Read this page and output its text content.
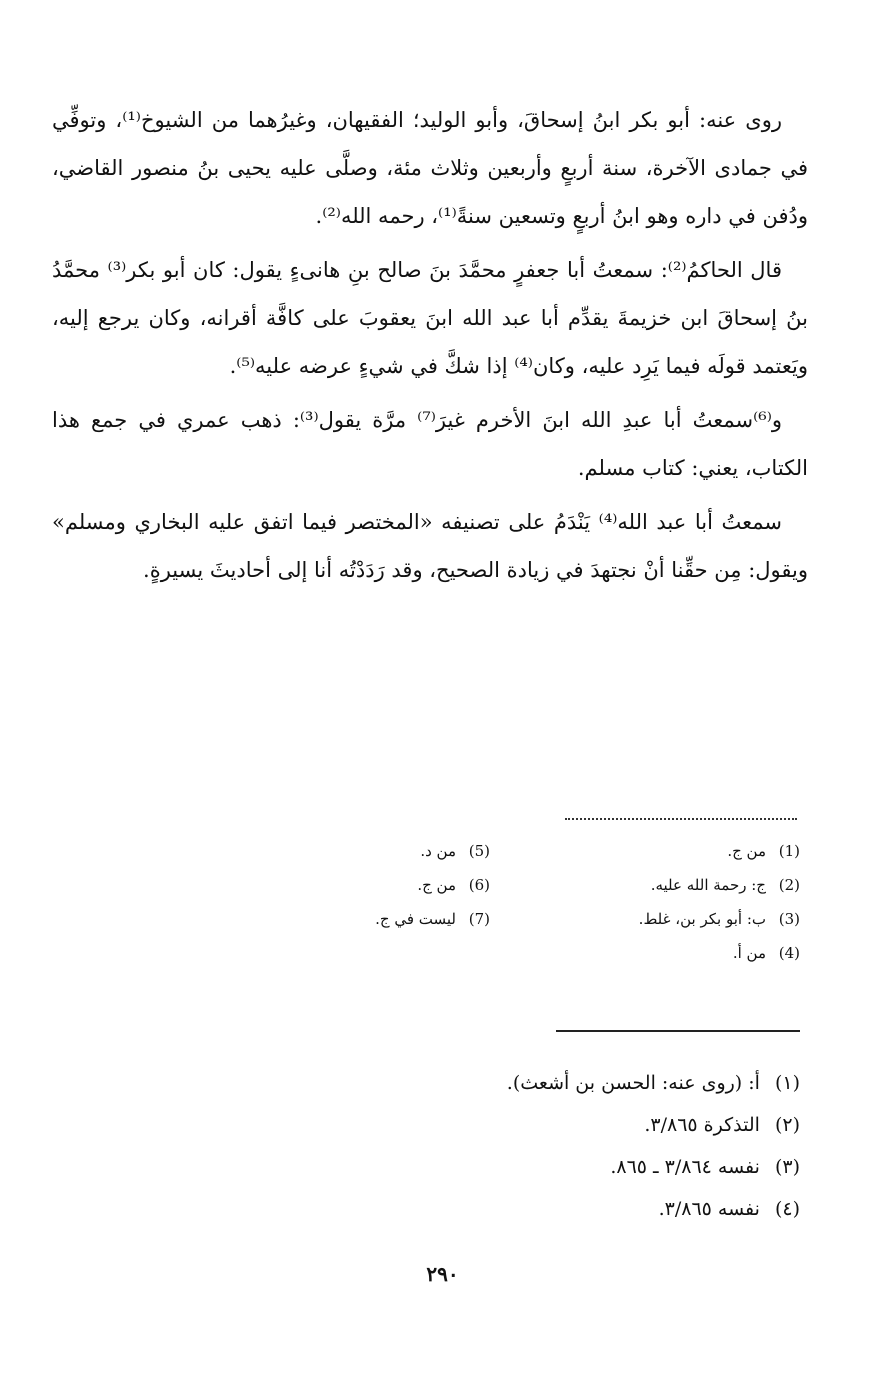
روى عنه: أبو بكر ابنُ إسحاقَ، وأبو الوليد؛ الفقيهان، وغيرُهما من الشيوخ⁽¹⁾، وتوفِّي في جمادى الآخرة، سنة أربعٍ وأربعين وثلاث مئة، وصلَّى عليه يحيى بنُ منصور القاضي، ودُفن في داره وهو ابنُ أربعٍ وتسعين سنةً⁽¹⁾، رحمه الله⁽²⁾.

قال الحاكمُ⁽²⁾: سمعتُ أبا جعفرٍ محمَّدَ بنَ صالح بنِ هانىءٍ يقول: كان أبو بكر⁽³⁾ محمَّدُ بنُ إسحاقَ ابن خزيمةَ يقدِّم أبا عبد الله ابنَ يعقوبَ على كافَّة أقرانه، وكان يرجع إليه، ويَعتمد قولَه فيما يَرِد عليه، وكان⁽⁴⁾ إذا شكَّ في شيءٍ عرضه عليه⁽⁵⁾.

و⁽⁶⁾سمعتُ أبا عبدِ الله ابنَ الأخرم غيرَ⁽⁷⁾ مرَّة يقول⁽³⁾: ذهب عمري في جمع هذا الكتاب، يعني: كتاب مسلم.

سمعتُ أبا عبد الله⁽⁴⁾ يَنْدَمُ على تصنيفه «المختصر فيما اتفق عليه البخاري ومسلم» ويقول: مِن حقِّنا أنْ نجتهدَ في زيادة الصحيح، وقد رَدَدْتُه أنا إلى أحاديثَ يسيرةٍ.

(1)من ج.
(2)ج: رحمة الله عليه.
(3)ب: أبو بكر بن، غلط.
(4)من أ.
(5)من د.
(6)من ج.
(7)ليست في ج.
(١) أ: (روى عنه: الحسن بن أشعث).
(٢) التذكرة ٣/٨٦٥.
(٣) نفسه ٣/٨٦٤ ـ ٨٦٥.
(٤) نفسه ٣/٨٦٥.
٢٩٠
